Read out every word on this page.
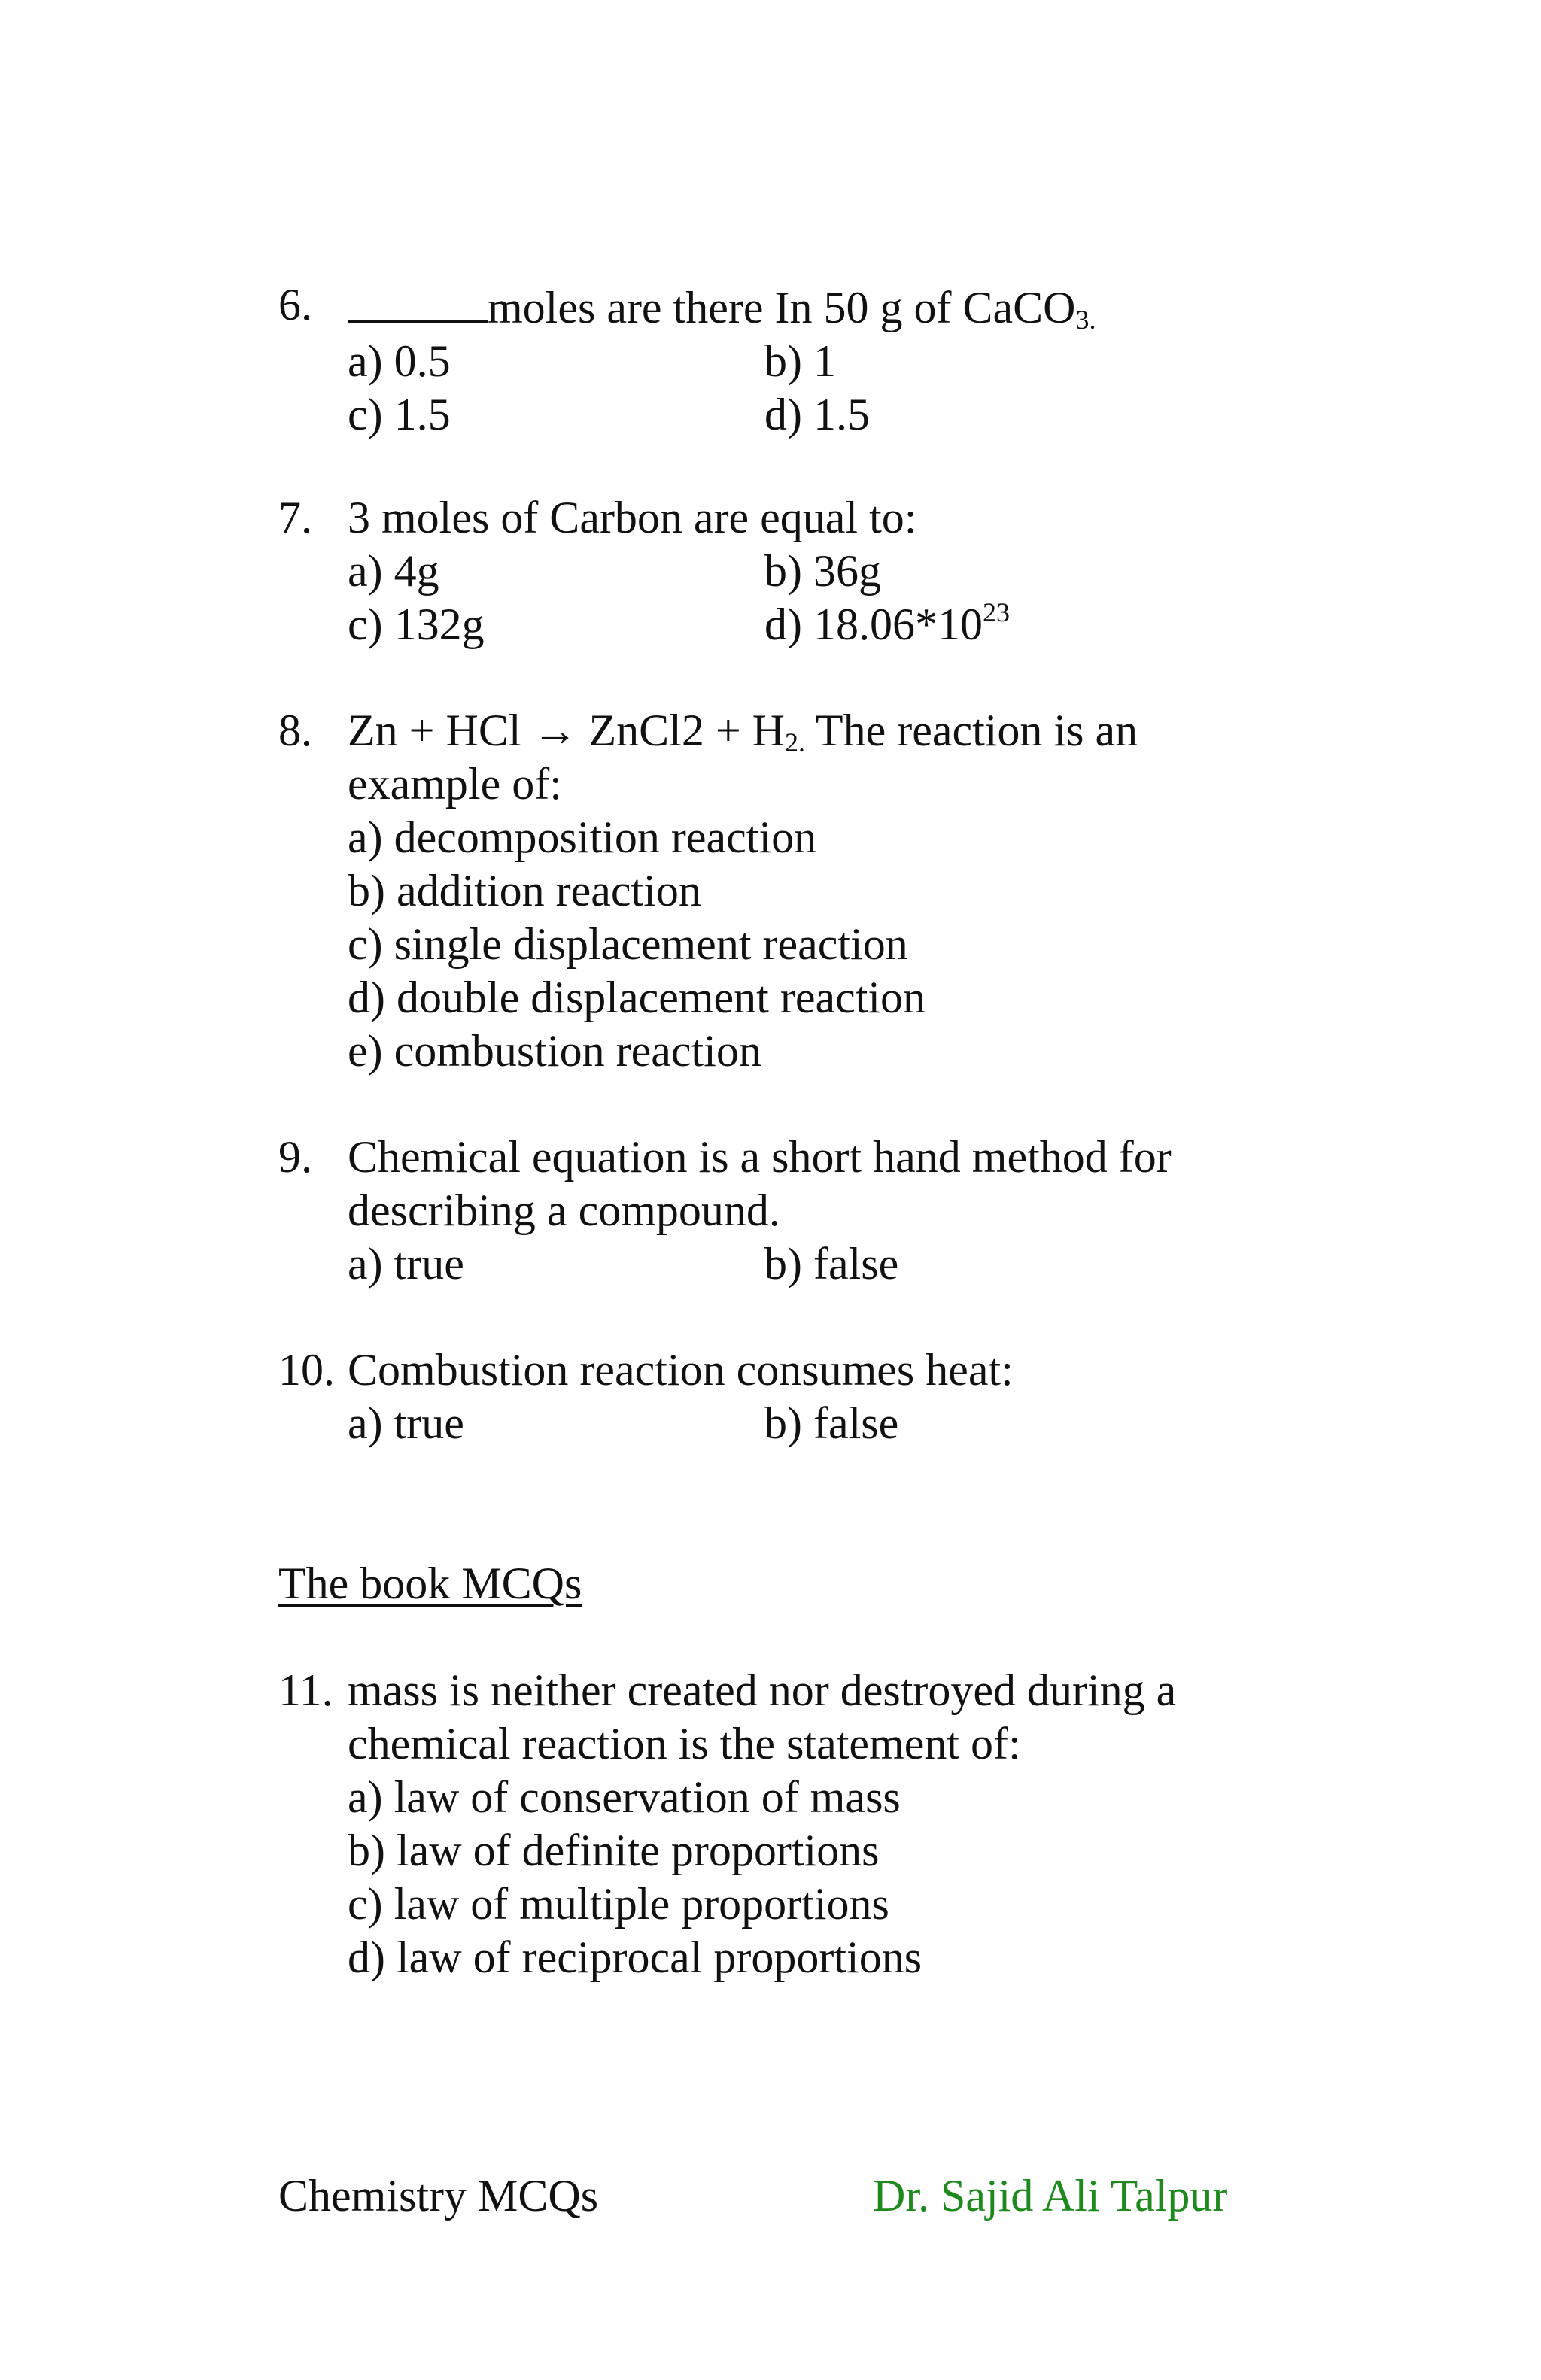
6.	moles are there In 50 g of CaCO$_{3.}$
a) 0.5	b) 1
c) 1.5	d) 1.5
7. 3 moles of Carbon are equal to:
a) 4g	b) 36g
c) 132g	d) $18.06*10^{23}$
8. Zn + HCl → ZnCl2 + $H_{2.}$ The reaction is an
example of:
a) decomposition reaction
b) addition reaction
c) single displacement reaction
d) double displacement reaction
e) combustion reaction
9. Chemical equation is a short hand method for
describing a compound.
a) true	b) false
10. Combustion reaction consumes heat:
a) true	b) false
The book MCQs
11. mass is neither created nor destroyed during a
chemical reaction is the statement of:
a) law of conservation of mass
b) law of definite proportions
c) law of multiple proportions
d) law of reciprocal proportions
Chemistry MCQs	Dr. Sajid Ali Talpur
